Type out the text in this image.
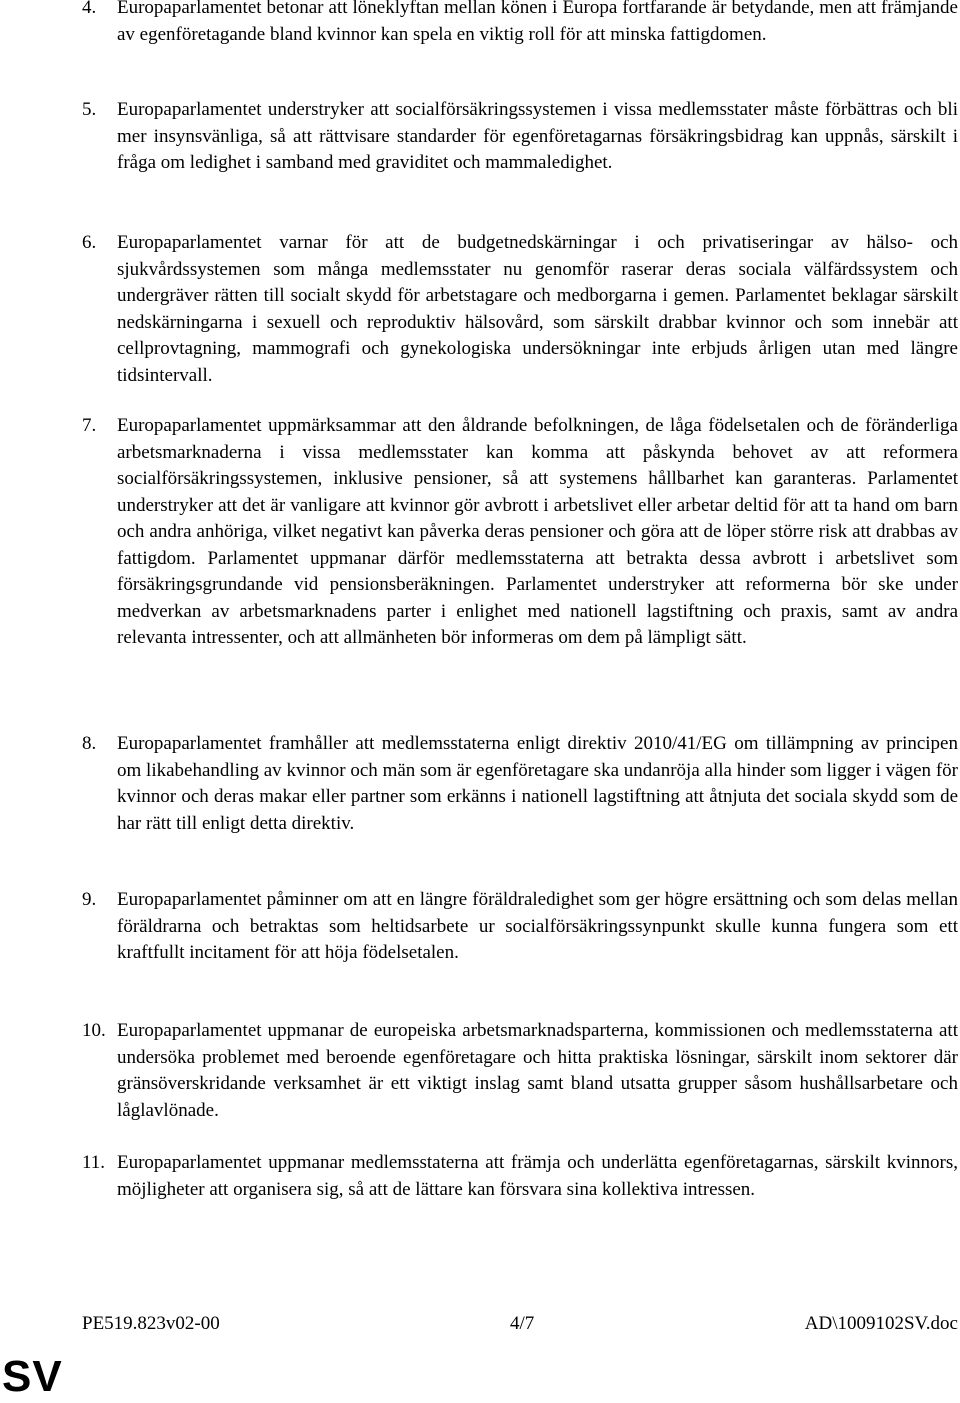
4. Europaparlamentet betonar att löneklyftan mellan könen i Europa fortfarande är betydande, men att främjande av egenföretagande bland kvinnor kan spela en viktig roll för att minska fattigdomen.
5. Europaparlamentet understryker att socialförsäkringssystemen i vissa medlemsstater måste förbättras och bli mer insynsvänliga, så att rättvisare standarder för egenföretagarnas försäkringsbidrag kan uppnås, särskilt i fråga om ledighet i samband med graviditet och mammaledighet.
6. Europaparlamentet varnar för att de budgetnedskärningar i och privatiseringar av hälso- och sjukvårdssystemen som många medlemsstater nu genomför raserar deras sociala välfärdssystem och undergräver rätten till socialt skydd för arbetstagare och medborgarna i gemen. Parlamentet beklagar särskilt nedskärningarna i sexuell och reproduktiv hälsovård, som särskilt drabbar kvinnor och som innebär att cellprovtagning, mammografi och gynekologiska undersökningar inte erbjuds årligen utan med längre tidsintervall.
7. Europaparlamentet uppmärksammar att den åldrande befolkningen, de låga födelsetalen och de föränderliga arbetsmarknaderna i vissa medlemsstater kan komma att påskynda behovet av att reformera socialförsäkringssystemen, inklusive pensioner, så att systemens hållbarhet kan garanteras. Parlamentet understryker att det är vanligare att kvinnor gör avbrott i arbetslivet eller arbetar deltid för att ta hand om barn och andra anhöriga, vilket negativt kan påverka deras pensioner och göra att de löper större risk att drabbas av fattigdom. Parlamentet uppmanar därför medlemsstaterna att betrakta dessa avbrott i arbetslivet som försäkringsgrundande vid pensionsberäkningen. Parlamentet understryker att reformerna bör ske under medverkan av arbetsmarknadens parter i enlighet med nationell lagstiftning och praxis, samt av andra relevanta intressenter, och att allmänheten bör informeras om dem på lämpligt sätt.
8. Europaparlamentet framhåller att medlemsstaterna enligt direktiv 2010/41/EG om tillämpning av principen om likabehandling av kvinnor och män som är egenföretagare ska undanröja alla hinder som ligger i vägen för kvinnor och deras makar eller partner som erkänns i nationell lagstiftning att åtnjuta det sociala skydd som de har rätt till enligt detta direktiv.
9. Europaparlamentet påminner om att en längre föräldraledighet som ger högre ersättning och som delas mellan föräldrarna och betraktas som heltidsarbete ur socialförsäkringssynpunkt skulle kunna fungera som ett kraftfullt incitament för att höja födelsetalen.
10. Europaparlamentet uppmanar de europeiska arbetsmarknadsparterna, kommissionen och medlemsstaterna att undersöka problemet med beroende egenföretagare och hitta praktiska lösningar, särskilt inom sektorer där gränsöverskridande verksamhet är ett viktigt inslag samt bland utsatta grupper såsom hushållsarbetare och låglavlönade.
11. Europaparlamentet uppmanar medlemsstaterna att främja och underlätta egenföretagarnas, särskilt kvinnors, möjligheter att organisera sig, så att de lättare kan försvara sina kollektiva intressen.
PE519.823v02-00	4/7	AD\1009102SV.doc
SV
